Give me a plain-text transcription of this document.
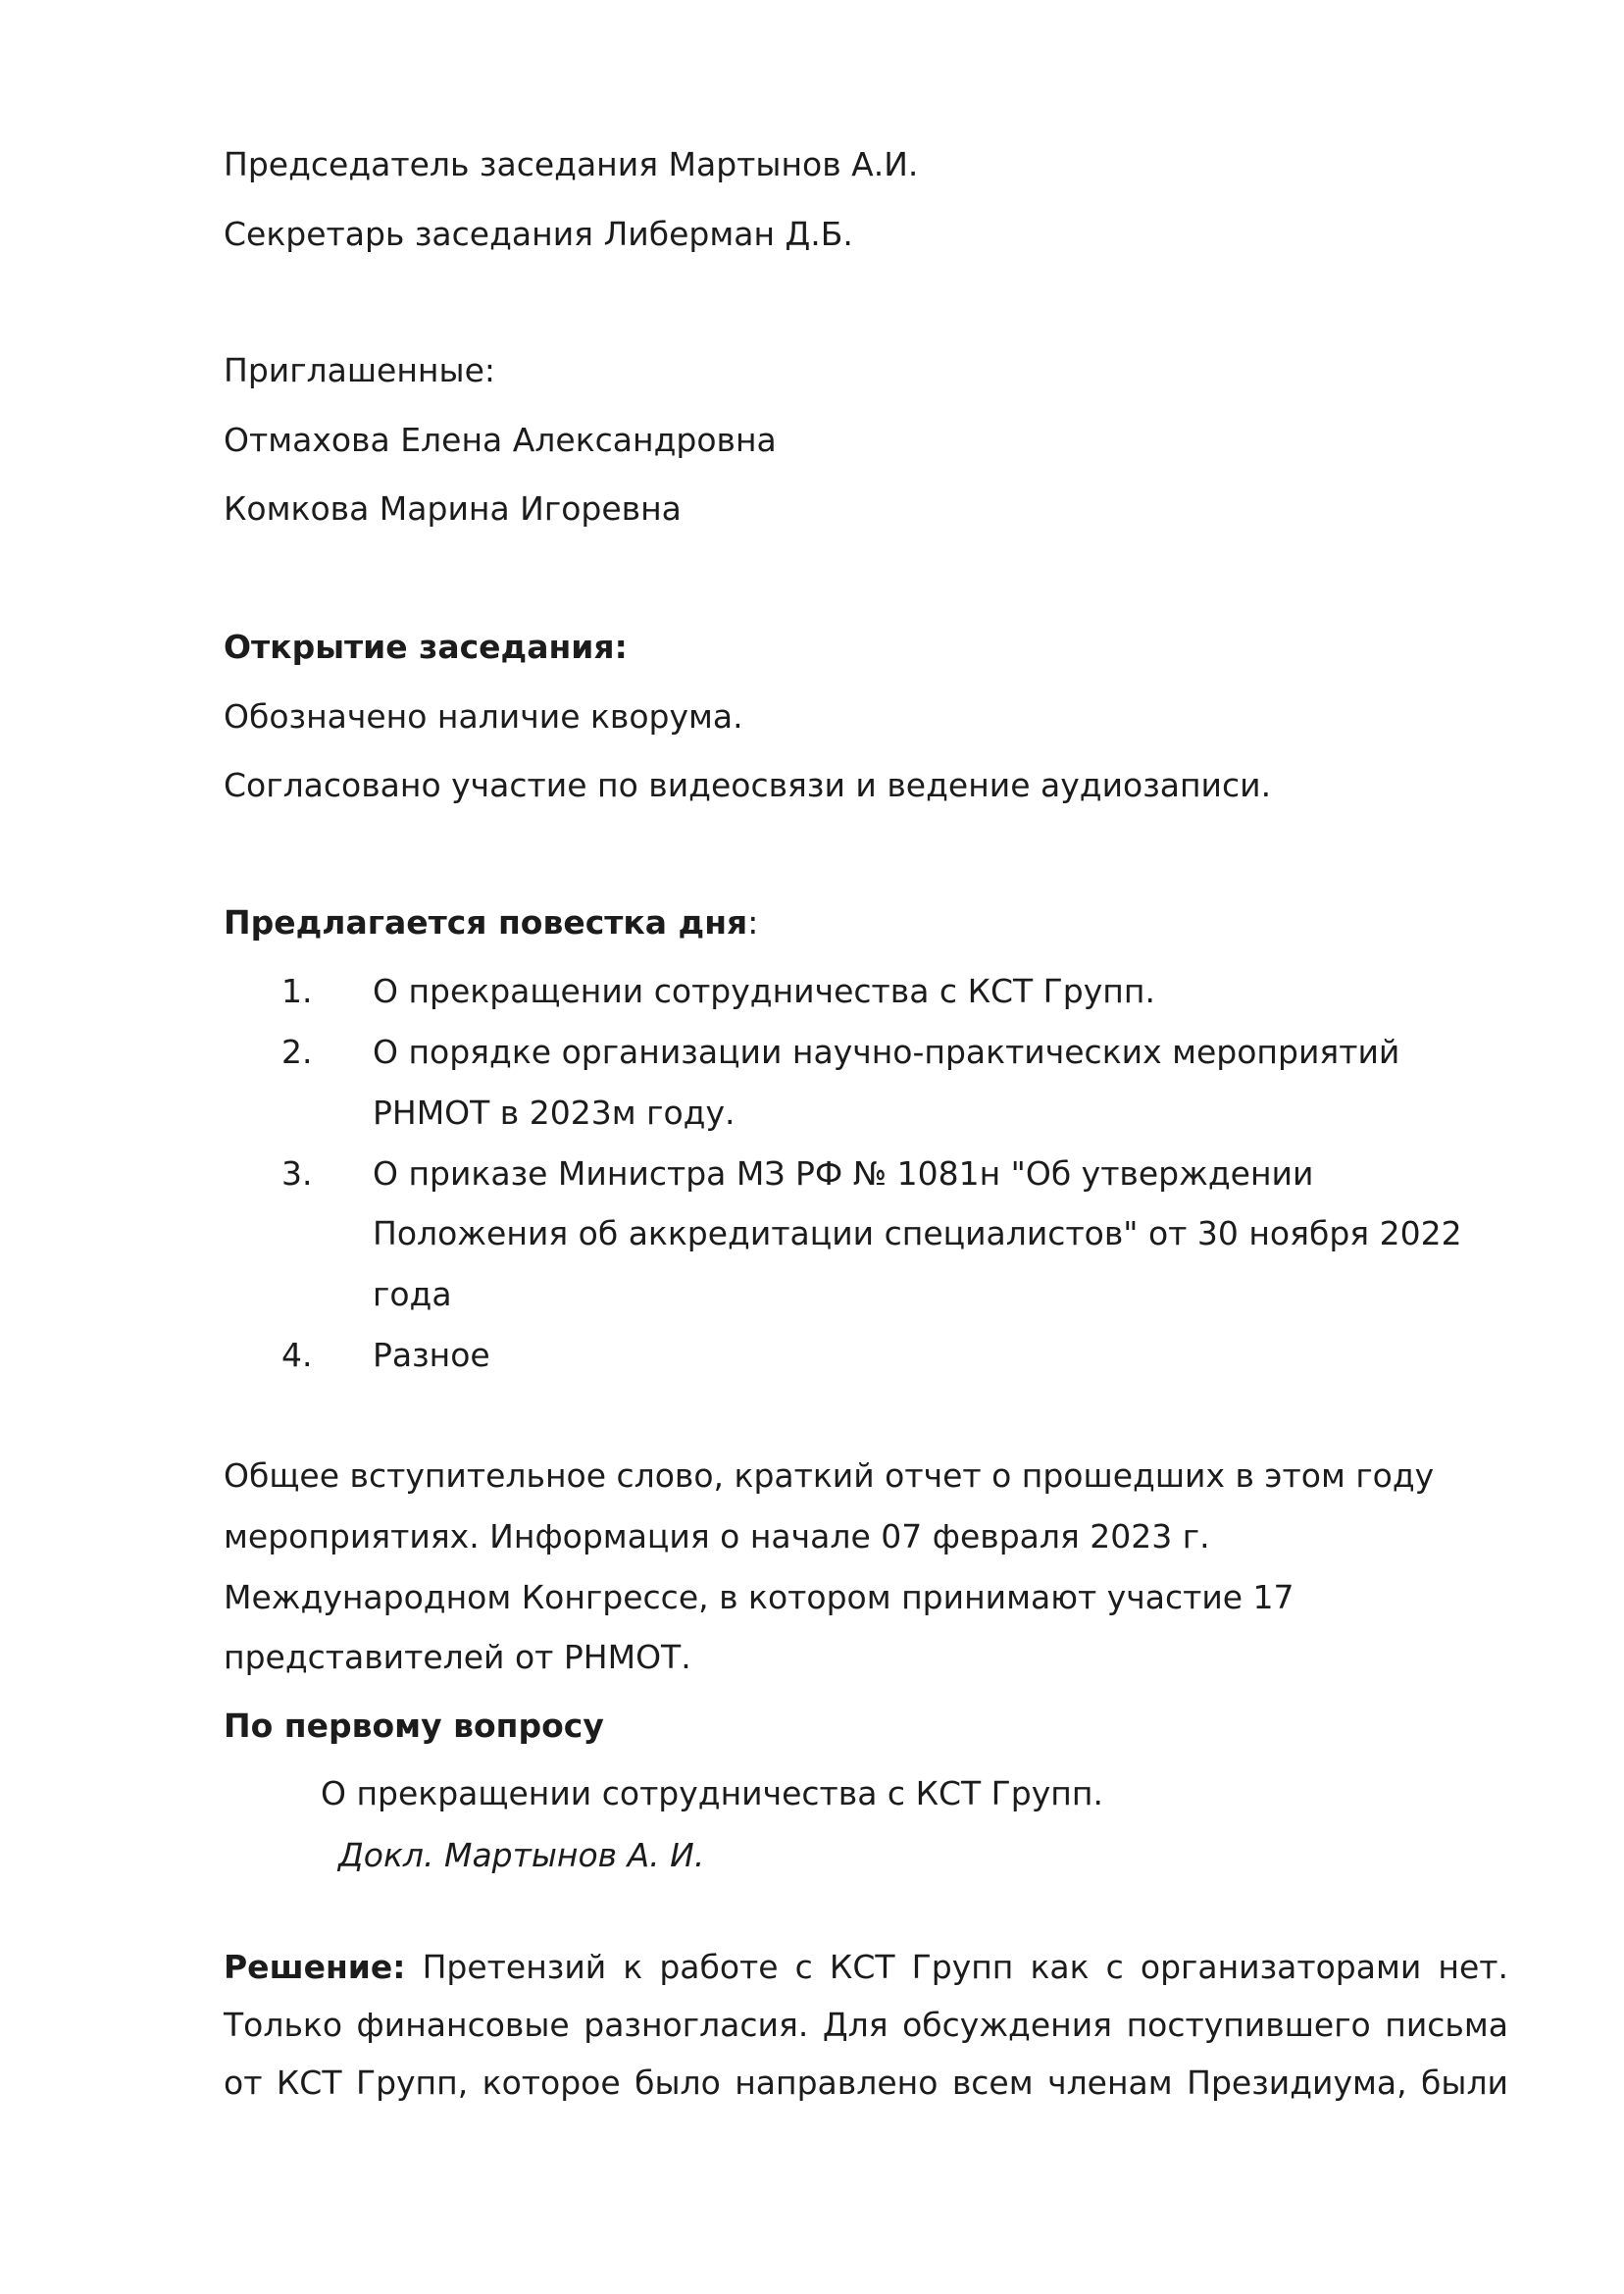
Председатель заседания Мартынов А.И.
Секретарь заседания Либерман Д.Б.
Приглашенные:
Отмахова Елена Александровна
Комкова Марина Игоревна
Открытие заседания:
Обозначено наличие кворума.
Согласовано участие по видеосвязи и ведение аудиозаписи.
Предлагается повестка дня:
1. О прекращении сотрудничества с КСТ Групп.
2. О порядке организации научно-практических мероприятий
РНМОТ в 2023м году.
3. О приказе Министра МЗ РФ № 1081н "Об утверждении
Положения об аккредитации специалистов" от 30 ноября 2022
года
4. Разное
Общее вступительное слово, краткий отчет о прошедших в этом году
мероприятиях. Информация о начале 07 февраля 2023 г.
Международном Конгрессе, в котором принимают участие 17
представителей от РНМОТ.
По первому вопросу
О прекращении сотрудничества с КСТ Групп.
Докл. Мартынов А. И.
Решение: Претензий к работе с КСТ Групп как с организаторами нет.
Только финансовые разногласия. Для обсуждения поступившего письма
от КСТ Групп, которое было направлено всем членам Президиума, были
